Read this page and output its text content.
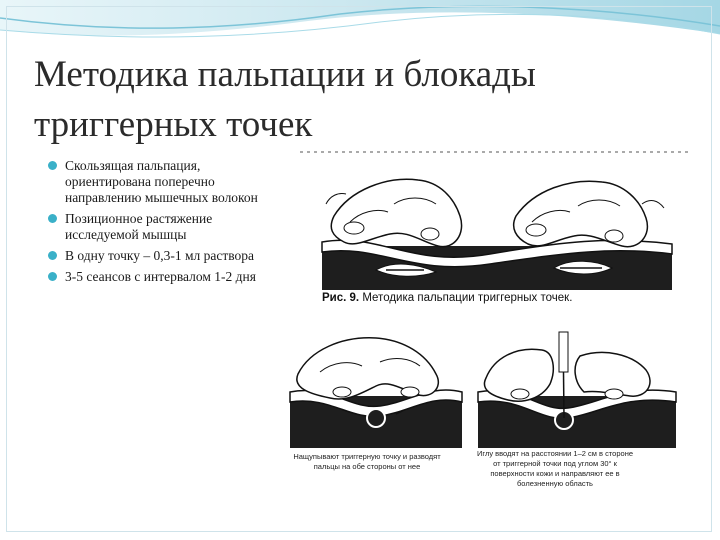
Методика пальпации и блокады
триггерных точек
Скользящая пальпация, ориентирована поперечно направлению мышечных волокон
Позиционное растяжение исследуемой мышцы
В одну точку – 0,3-1 мл раствора
3-5 сеансов с интервалом 1-2 дня
Рис. 9. Методика пальпации триггерных точек.
Нащупывают триггерную точку и разводят пальцы на обе стороны от нее
Иглу вводят на расстоянии 1–2 см в стороне от триггерной точки под углом 30° к поверхности кожи и направляют ее в болезненную область
